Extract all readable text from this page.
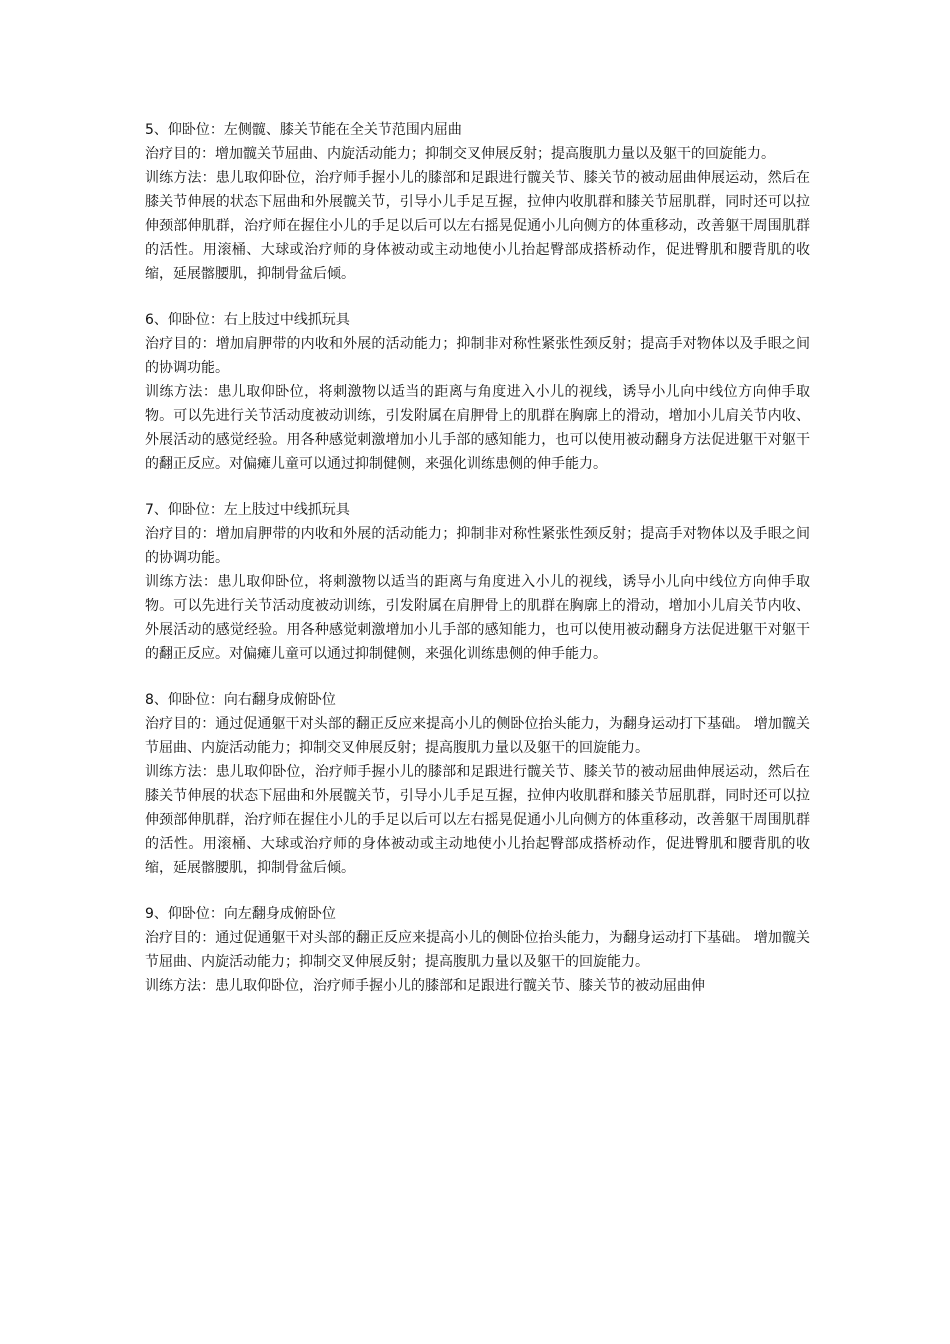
5、仰卧位：左侧髋、膝关节能在全关节范围内屈曲

治疗目的：增加髋关节屈曲、内旋活动能力；抑制交叉伸展反射；提高腹肌力量以及躯干的回旋能力。

训练方法：患儿取仰卧位，治疗师手握小儿的膝部和足跟进行髋关节、膝关节的被动屈曲伸展运动，然后在膝关节伸展的状态下屈曲和外展髋关节，引导小儿手足互握，拉伸内收肌群和膝关节屈肌群，同时还可以拉伸颈部伸肌群，治疗师在握住小儿的手足以后可以左右摇晃促通小儿向侧方的体重移动，改善躯干周围肌群的活性。用滚桶、大球或治疗师的身体被动或主动地使小儿抬起臀部成搭桥动作，促进臀肌和腰背肌的收缩，延展髂腰肌，抑制骨盆后倾。

6、仰卧位：右上肢过中线抓玩具

治疗目的：增加肩胛带的内收和外展的活动能力；抑制非对称性紧张性颈反射；提高手对物体以及手眼之间的协调功能。

训练方法：患儿取仰卧位，将刺激物以适当的距离与角度进入小儿的视线，诱导小儿向中线位方向伸手取物。可以先进行关节活动度被动训练，引发附属在肩胛骨上的肌群在胸廓上的滑动，增加小儿肩关节内收、外展活动的感觉经验。用各种感觉刺激增加小儿手部的感知能力，也可以使用被动翻身方法促进躯干对躯干的翻正反应。对偏瘫儿童可以通过抑制健侧，来强化训练患侧的伸手能力。

7、仰卧位：左上肢过中线抓玩具

治疗目的：增加肩胛带的内收和外展的活动能力；抑制非对称性紧张性颈反射；提高手对物体以及手眼之间的协调功能。

训练方法：患儿取仰卧位，将刺激物以适当的距离与角度进入小儿的视线，诱导小儿向中线位方向伸手取物。可以先进行关节活动度被动训练，引发附属在肩胛骨上的肌群在胸廓上的滑动，增加小儿肩关节内收、外展活动的感觉经验。用各种感觉刺激增加小儿手部的感知能力，也可以使用被动翻身方法促进躯干对躯干的翻正反应。对偏瘫儿童可以通过抑制健侧，来强化训练患侧的伸手能力。

8、仰卧位：向右翻身成俯卧位

治疗目的：通过促通躯干对头部的翻正反应来提高小儿的侧卧位抬头能力，为翻身运动打下基础。 增加髋关节屈曲、内旋活动能力；抑制交叉伸展反射；提高腹肌力量以及躯干的回旋能力。

训练方法：患儿取仰卧位，治疗师手握小儿的膝部和足跟进行髋关节、膝关节的被动屈曲伸展运动，然后在膝关节伸展的状态下屈曲和外展髋关节，引导小儿手足互握，拉伸内收肌群和膝关节屈肌群，同时还可以拉伸颈部伸肌群，治疗师在握住小儿的手足以后可以左右摇晃促通小儿向侧方的体重移动，改善躯干周围肌群的活性。用滚桶、大球或治疗师的身体被动或主动地使小儿抬起臀部成搭桥动作，促进臀肌和腰背肌的收缩，延展髂腰肌，抑制骨盆后倾。

9、仰卧位：向左翻身成俯卧位

治疗目的：通过促通躯干对头部的翻正反应来提高小儿的侧卧位抬头能力，为翻身运动打下基础。 增加髋关节屈曲、内旋活动能力；抑制交叉伸展反射；提高腹肌力量以及躯干的回旋能力。

训练方法：患儿取仰卧位，治疗师手握小儿的膝部和足跟进行髋关节、膝关节的被动屈曲伸
